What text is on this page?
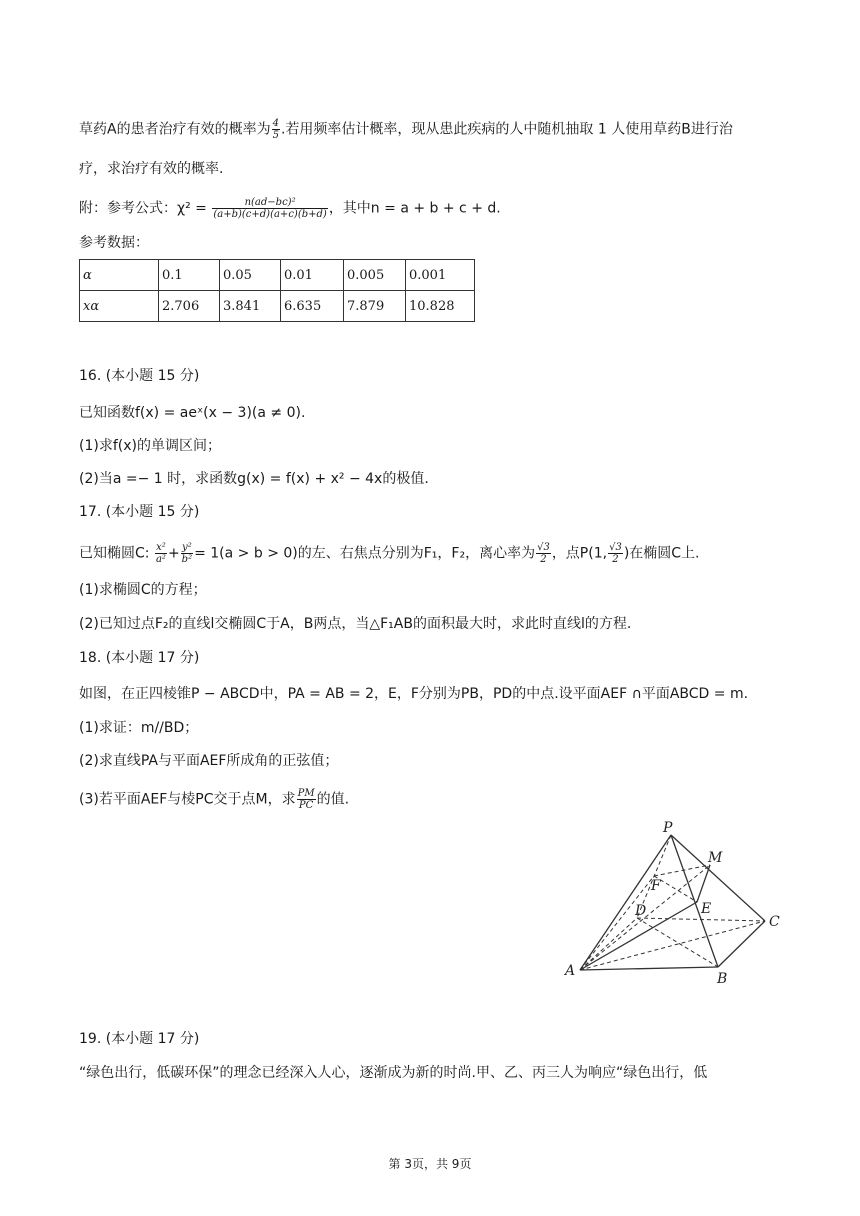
草药A的患者治疗有效的概率为 $\frac{4}{5}$ .若用频率估计概率，现从患此疾病的人中随机抽取 1 人使用草药B进行治
疗，求治疗有效的概率.
附：参考公式：$\chi^2 = \frac{\text{n(ad−bc)²}}{(a+b)(c+d)(a+c)(b+d)}$ ，其中n = a + b + c + d.
参考数据：
α	0.1	0.05	0.01	0.005	0.001
xα	2.706	3.841	6.635	7.879	10.828
16. (本小题 15 分)
已知函数f(x) = aeˣ(x − 3)(a ≠ 0).
(1)求f(x)的单调区间；
(2)当a =− 1 时，求函数g(x) = f(x) + x² − 4x的极值.
17. (本小题 15 分)
已知椭圆C: $\frac{\text{x²}}{\text{a²}} + \frac{\text{y²}}{\text{b²}} = 1(a > b > 0)$的左、右焦点分别为F₁，F₂，离心率为 $\frac{√3}{2}$ ，点P(1, $\frac{√3}{2}$ )在椭圆C上.
(1)求椭圆C的方程；
(2)已知过点F₂的直线l交椭圆C于A，B两点，当△F₁AB的面积最大时，求此时直线l的方程.
18. (本小题 17 分)
如图，在正四棱锥P − ABCD中，PA = AB = 2，E，F分别为PB，PD的中点.设平面AEF ∩平面ABCD = m.
(1)求证：m//BD；
(2)求直线PA与平面AEF所成角的正弦值；
(3)若平面AEF与棱PC交于点M，求 $\frac{PM}{PC}$ 的值.
P
M
F
E
D
C
A	B
19. (本小题 17 分)
“绿色出行，低碳环保”的理念已经深入人心，逐渐成为新的时尚.甲、乙、丙三人为响应“绿色出行，低
第 3页，共 9页
